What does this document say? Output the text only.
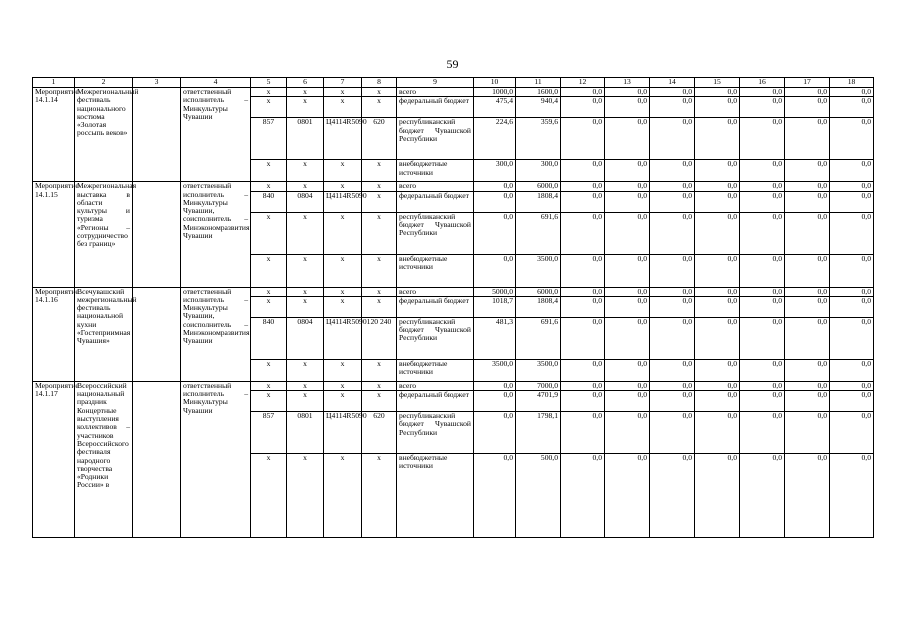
59
1	2	3	4	5	6	7	8	9	10	11	12	13	14	15	16	17	18
Мероприятие 14.1.14	Межрегиональный фестиваль национального костюма «Золотая россыпь веков»		ответственный исполнитель – Минкультуры Чувашии	x	x	x	x	всего	1000,0	1600,0	0,0	0,0	0,0	0,0	0,0	0,0	0,0
				x	x	x	x	федеральный бюджет	475,4	940,4	0,0	0,0	0,0	0,0	0,0	0,0	0,0
				857	0801	Ц4114R5090	620	республиканский бюджет Чувашской Республики	224,6	359,6	0,0	0,0	0,0	0,0	0,0	0,0	0,0
				x	x	x	x	внебюджетные источники	300,0	300,0	0,0	0,0	0,0	0,0	0,0	0,0	0,0
Мероприятие 14.1.15	Межрегиональная выставка в области культуры и туризма «Регионы – сотрудничество без границ»		ответственный исполнитель – Минкультуры Чувашии, соисполнитель – Минэкономразвития Чувашии	x	x	x	x	всего	0,0	6000,0	0,0	0,0	0,0	0,0	0,0	0,0	0,0
				840	0804	Ц4114R5090	x	федеральный бюджет	0,0	1808,4	0,0	0,0	0,0	0,0	0,0	0,0	0,0
				x	x	x	x	республиканский бюджет Чувашской Республики	0,0	691,6	0,0	0,0	0,0	0,0	0,0	0,0	0,0
				x	x	x	x	внебюджетные источники	0,0	3500,0	0,0	0,0	0,0	0,0	0,0	0,0	0,0
Мероприятие 14.1.16	Всечувашский межрегиональный фестиваль национальной кухни «Гостеприимная Чувашия»		ответственный исполнитель – Минкультуры Чувашии, соисполнитель – Минэкономразвития Чувашии	x	x	x	x	всего	5000,0	6000,0	0,0	0,0	0,0	0,0	0,0	0,0	0,0
				x	x	x	x	федеральный бюджет	1018,7	1808,4	0,0	0,0	0,0	0,0	0,0	0,0	0,0
				840	0804	Ц4114R5090	120 240	республиканский бюджет Чувашской Республики	481,3	691,6	0,0	0,0	0,0	0,0	0,0	0,0	0,0
				x	x	x	x	внебюджетные источники	3500,0	3500,0	0,0	0,0	0,0	0,0	0,0	0,0	0,0
Мероприятие 14.1.17	Всероссийский национальный праздник Концертные выступления коллективов – участников Всероссийского фестиваля народного творчества «Родники России» в		ответственный исполнитель – Минкультуры Чувашии	x	x	x	x	всего	0,0	7000,0	0,0	0,0	0,0	0,0	0,0	0,0	0,0
				x	x	x	x	федеральный бюджет	0,0	4701,9	0,0	0,0	0,0	0,0	0,0	0,0	0,0
				857	0801	Ц4114R5090	620	республиканский бюджет Чувашской Республики	0,0	1798,1	0,0	0,0	0,0	0,0	0,0	0,0	0,0
				x	x	x	x	внебюджетные источники	0,0	500,0	0,0	0,0	0,0	0,0	0,0	0,0	0,0
